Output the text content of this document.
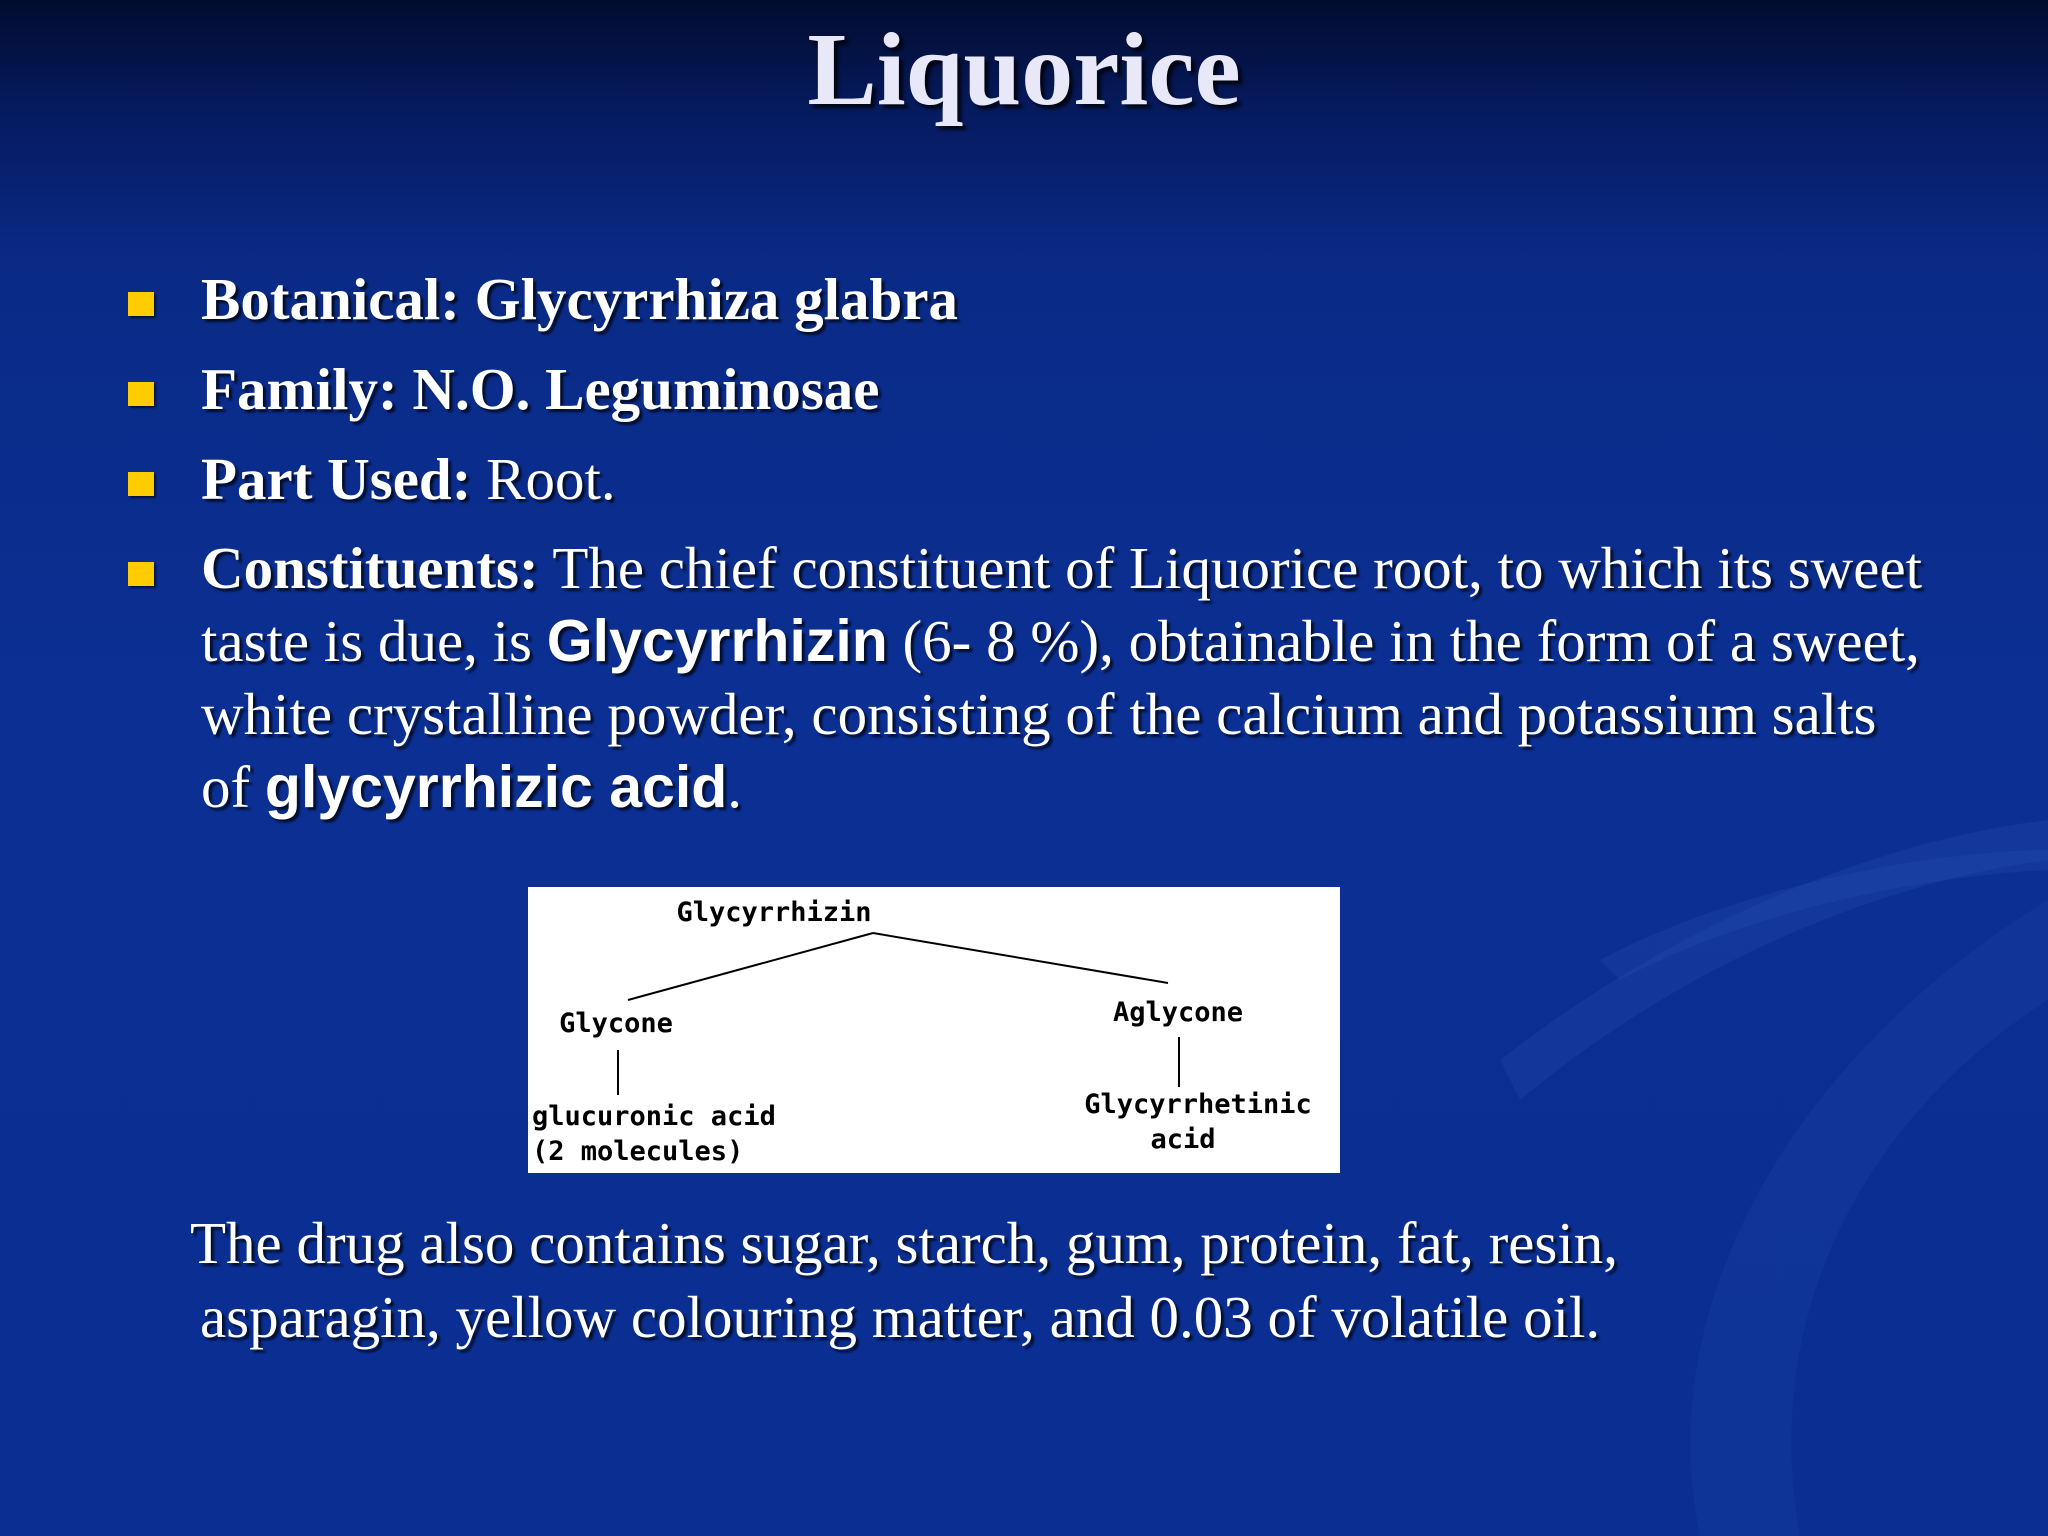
Liquorice
Botanical: Glycyrrhiza glabra
Family: N.O. Leguminosae
Part Used: Root.
Constituents: The chief constituent of Liquorice root, to which its sweet taste is due, is Glycyrrhizin (6- 8 %), obtainable in the form of a sweet, white crystalline powder, consisting of the calcium and potassium salts of glycyrrhizic acid.
Glycyrrhizin
Glycone	Aglycone
glucuronic acid
(2 molecules)
Glycyrrhetinic
acid
The drug also contains sugar, starch, gum, protein, fat, resin,
asparagin, yellow colouring matter, and 0.03 of volatile oil.
